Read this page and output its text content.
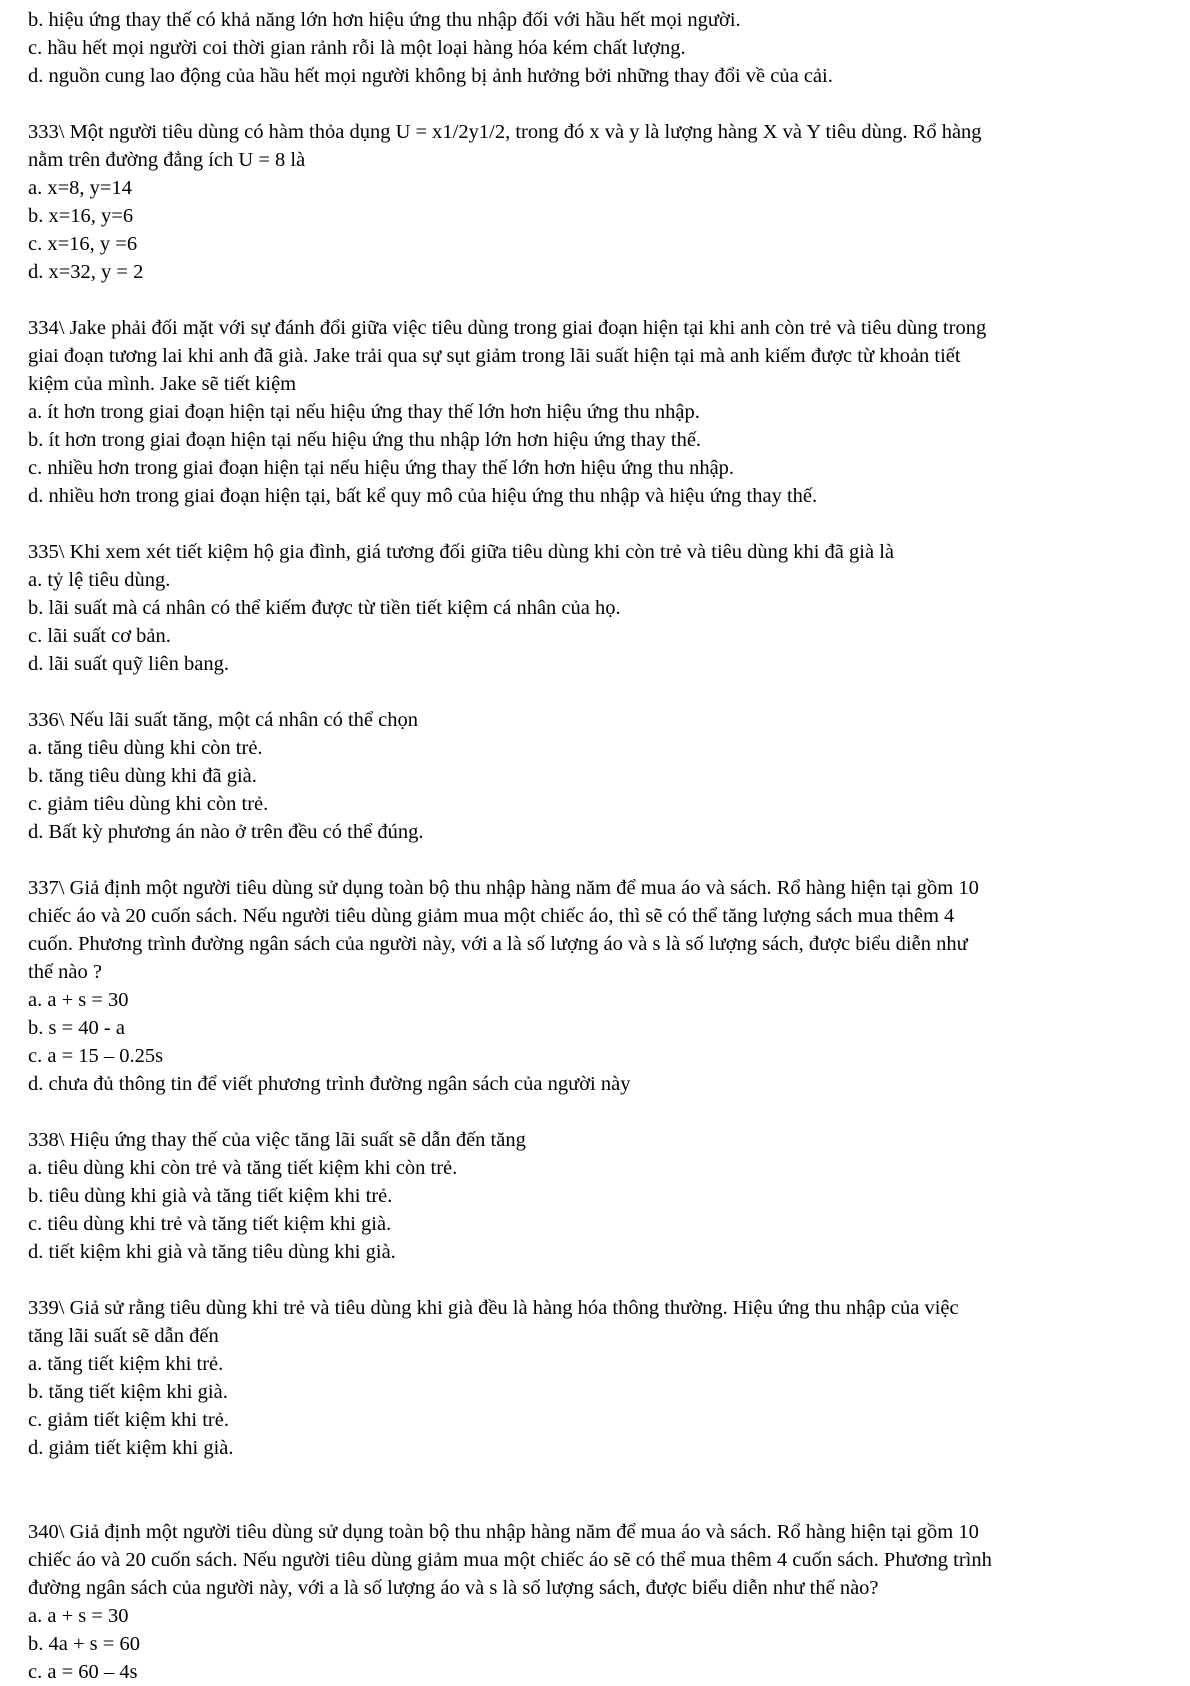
b. hiệu ứng thay thế có khả năng lớn hơn hiệu ứng thu nhập đối với hầu hết mọi người.
c. hầu hết mọi người coi thời gian rảnh rỗi là một loại hàng hóa kém chất lượng.
d. nguồn cung lao động của hầu hết mọi người không bị ảnh hưởng bởi những thay đổi về của cải.
333\ Một người tiêu dùng có hàm thỏa dụng U = x1/2y1/2, trong đó x và y là lượng hàng X và Y tiêu dùng. Rổ hàng
nằm trên đường đẳng ích U = 8 là
a. x=8, y=14
b. x=16, y=6
c. x=16, y =6
d. x=32, y = 2
334\ Jake phải đối mặt với sự đánh đổi giữa việc tiêu dùng trong giai đoạn hiện tại khi anh còn trẻ và tiêu dùng trong
giai đoạn tương lai khi anh đã già. Jake trải qua sự sụt giảm trong lãi suất hiện tại mà anh kiếm được từ khoản tiết
kiệm của mình. Jake sẽ tiết kiệm
a. ít hơn trong giai đoạn hiện tại nếu hiệu ứng thay thế lớn hơn hiệu ứng thu nhập.
b. ít hơn trong giai đoạn hiện tại nếu hiệu ứng thu nhập lớn hơn hiệu ứng thay thế.
c. nhiều hơn trong giai đoạn hiện tại nếu hiệu ứng thay thế lớn hơn hiệu ứng thu nhập.
d. nhiều hơn trong giai đoạn hiện tại, bất kể quy mô của hiệu ứng thu nhập và hiệu ứng thay thế.
335\ Khi xem xét tiết kiệm hộ gia đình, giá tương đối giữa tiêu dùng khi còn trẻ và tiêu dùng khi đã già là
a. tỷ lệ tiêu dùng.
b. lãi suất mà cá nhân có thể kiếm được từ tiền tiết kiệm cá nhân của họ.
c. lãi suất cơ bản.
d. lãi suất quỹ liên bang.
336\ Nếu lãi suất tăng, một cá nhân có thể chọn
a. tăng tiêu dùng khi còn trẻ.
b. tăng tiêu dùng khi đã già.
c. giảm tiêu dùng khi còn trẻ.
d. Bất kỳ phương án nào ở trên đều có thể đúng.
337\ Giả định một người tiêu dùng sử dụng toàn bộ thu nhập hàng năm để mua áo và sách. Rổ hàng hiện tại gồm 10
chiếc áo và 20 cuốn sách. Nếu người tiêu dùng giảm mua một chiếc áo, thì sẽ có thể tăng lượng sách mua thêm 4
cuốn. Phương trình đường ngân sách của người này, với a là số lượng áo và s là số lượng sách, được biểu diễn như
thế nào ?
a. a + s = 30
b. s = 40 - a
c. a = 15 – 0.25s
d. chưa đủ thông tin để viết phương trình đường ngân sách của người này
338\ Hiệu ứng thay thế của việc tăng lãi suất sẽ dẫn đến tăng
a. tiêu dùng khi còn trẻ và tăng tiết kiệm khi còn trẻ.
b. tiêu dùng khi già và tăng tiết kiệm khi trẻ.
c. tiêu dùng khi trẻ và tăng tiết kiệm khi già.
d. tiết kiệm khi già và tăng tiêu dùng khi già.
339\ Giả sử rằng tiêu dùng khi trẻ và tiêu dùng khi già đều là hàng hóa thông thường. Hiệu ứng thu nhập của việc
tăng lãi suất sẽ dẫn đến
a. tăng tiết kiệm khi trẻ.
b. tăng tiết kiệm khi già.
c. giảm tiết kiệm khi trẻ.
d. giảm tiết kiệm khi già.
340\ Giả định một người tiêu dùng sử dụng toàn bộ thu nhập hàng năm để mua áo và sách. Rổ hàng hiện tại gồm 10
chiếc áo và 20 cuốn sách. Nếu người tiêu dùng giảm mua một chiếc áo sẽ có thể mua thêm 4 cuốn sách. Phương trình
đường ngân sách của người này, với a là số lượng áo và s là số lượng sách, được biểu diễn như thế nào?
a. a + s = 30
b. 4a + s = 60
c. a = 60 – 4s
